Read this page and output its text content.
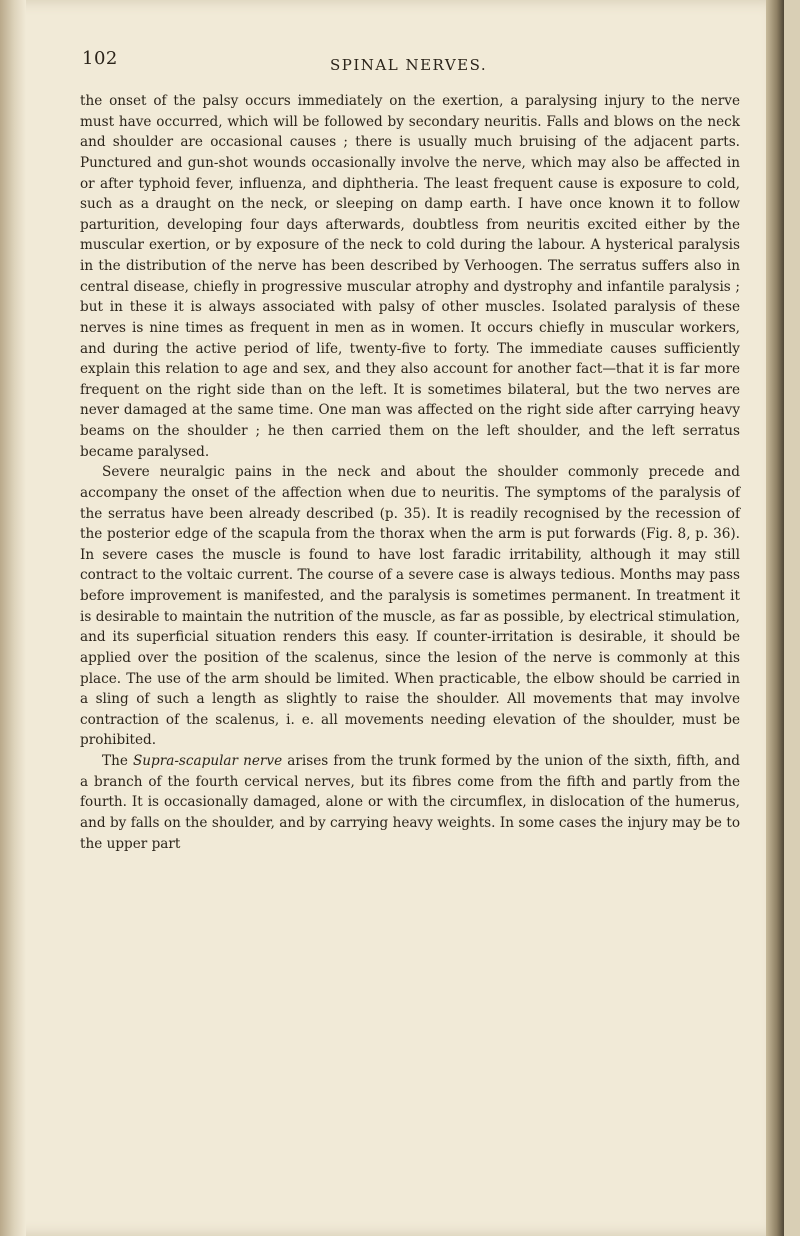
102	SPINAL NERVES.

the onset of the palsy occurs immediately on the exertion, a paralysing injury to the nerve must have occurred, which will be followed by secondary neuritis. Falls and blows on the neck and shoulder are occasional causes ; there is usually much bruising of the adjacent parts. Punctured and gun-shot wounds occasionally involve the nerve, which may also be affected in or after typhoid fever, influenza, and diphtheria. The least frequent cause is exposure to cold, such as a draught on the neck, or sleeping on damp earth. I have once known it to follow parturition, developing four days afterwards, doubtless from neuritis excited either by the muscular exertion, or by exposure of the neck to cold during the labour. A hysterical paralysis in the distribution of the nerve has been described by Verhoogen. The serratus suffers also in central disease, chiefly in progressive muscular atrophy and dystrophy and infantile paralysis ; but in these it is always associated with palsy of other muscles. Isolated paralysis of these nerves is nine times as frequent in men as in women. It occurs chiefly in muscular workers, and during the active period of life, twenty-five to forty. The immediate causes sufficiently explain this relation to age and sex, and they also account for another fact—that it is far more frequent on the right side than on the left. It is sometimes bilateral, but the two nerves are never damaged at the same time. One man was affected on the right side after carrying heavy beams on the shoulder ; he then carried them on the left shoulder, and the left serratus became paralysed.

Severe neuralgic pains in the neck and about the shoulder commonly precede and accompany the onset of the affection when due to neuritis. The symptoms of the paralysis of the serratus have been already described (p. 35). It is readily recognised by the recession of the posterior edge of the scapula from the thorax when the arm is put forwards (Fig. 8, p. 36). In severe cases the muscle is found to have lost faradic irritability, although it may still contract to the voltaic current. The course of a severe case is always tedious. Months may pass before improvement is manifested, and the paralysis is sometimes permanent. In treatment it is desirable to maintain the nutrition of the muscle, as far as possible, by electrical stimulation, and its superficial situation renders this easy. If counter-irritation is desirable, it should be applied over the position of the scalenus, since the lesion of the nerve is commonly at this place. The use of the arm should be limited. When practicable, the elbow should be carried in a sling of such a length as slightly to raise the shoulder. All movements that may involve contraction of the scalenus, i. e. all movements needing elevation of the shoulder, must be prohibited.

The Supra-scapular nerve arises from the trunk formed by the union of the sixth, fifth, and a branch of the fourth cervical nerves, but its fibres come from the fifth and partly from the fourth. It is occasionally damaged, alone or with the circumflex, in dislocation of the humerus, and by falls on the shoulder, and by carrying heavy weights. In some cases the injury may be to the upper part
